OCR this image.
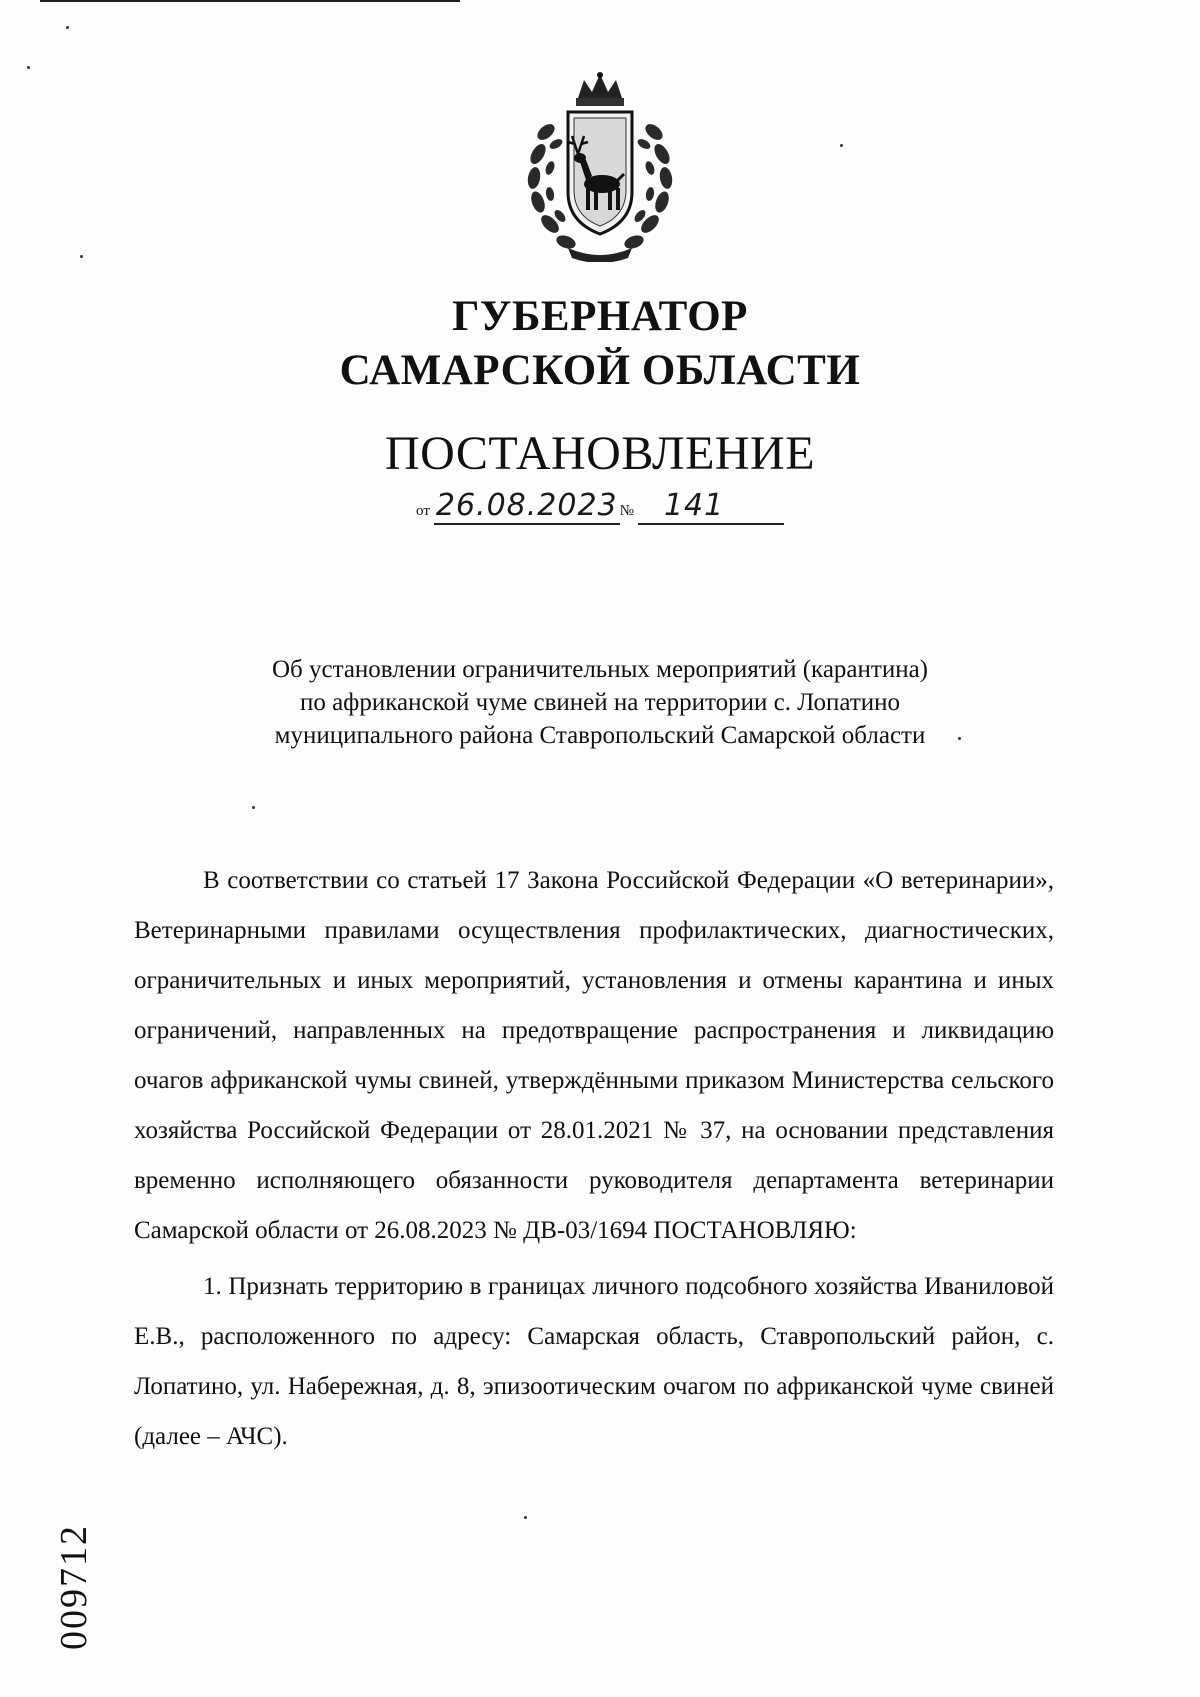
ГУБЕРНАТОР
САМАРСКОЙ ОБЛАСТИ
ПОСТАНОВЛЕНИЕ
от 26.08.2023 № 141
Об установлении ограничительных мероприятий (карантина)
по африканской чуме свиней на территории с. Лопатино
муниципального района Ставропольский Самарской области

В соответствии со статьей 17 Закона Российской Федерации «О ветеринарии», Ветеринарными правилами осуществления профилактических, диагностических, ограничительных и иных мероприятий, установления и отмены карантина и иных ограничений, направленных на предотвращение распространения и ликвидацию очагов африканской чумы свиней, утверждёнными приказом Министерства сельского хозяйства Российской Федерации от 28.01.2021 № 37, на основании представления временно исполняющего обязанности руководителя департамента ветеринарии Самарской области от 26.08.2023 № ДВ-03/1694 ПОСТАНОВЛЯЮ:

1. Признать территорию в границах личного подсобного хозяйства Иваниловой Е.В., расположенного по адресу: Самарская область, Ставропольский район, с. Лопатино, ул. Набережная, д. 8, эпизоотическим очагом по африканской чуме свиней (далее – АЧС).

009712
